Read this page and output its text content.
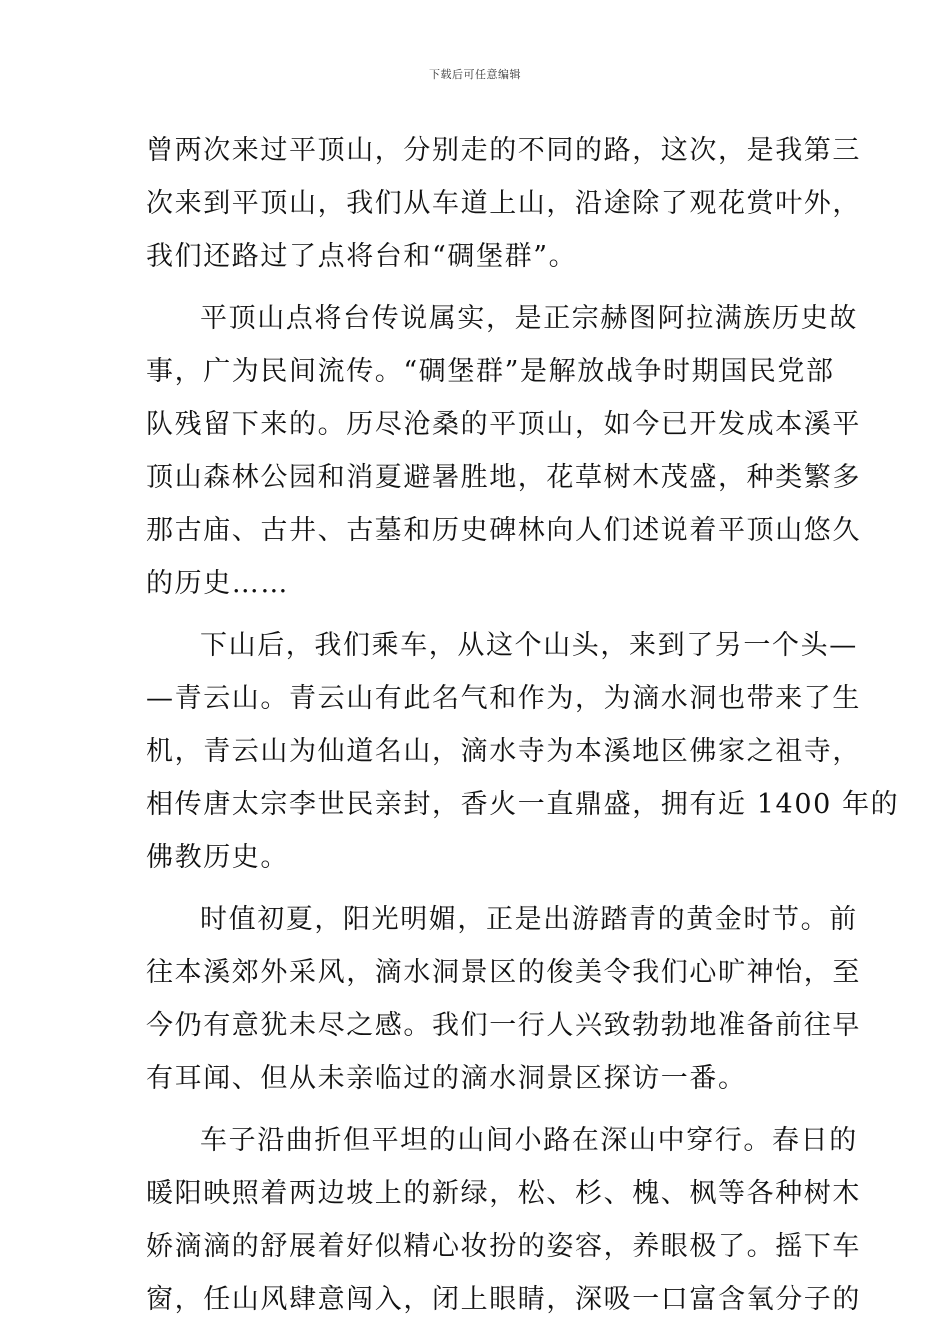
下载后可任意编辑
曾两次来过平顶山，分别走的不同的路，这次，是我第三
次来到平顶山，我们从车道上山，沿途除了观花赏叶外，
我们还路过了点将台和“碉堡群”。
平顶山点将台传说属实，是正宗赫图阿拉满族历史故
事，广为民间流传。“碉堡群”是解放战争时期国民党部
队残留下来的。历尽沧桑的平顶山，如今已开发成本溪平
顶山森林公园和消夏避暑胜地，花草树木茂盛，种类繁多
那古庙、古井、古墓和历史碑林向人们述说着平顶山悠久
的历史……
下山后，我们乘车，从这个山头，来到了另一个头—
—青云山。青云山有此名气和作为，为滴水洞也带来了生
机，青云山为仙道名山，滴水寺为本溪地区佛家之祖寺，
相传唐太宗李世民亲封，香火一直鼎盛，拥有近 1400 年的
佛教历史。
时值初夏，阳光明媚，正是出游踏青的黄金时节。前
往本溪郊外采风，滴水洞景区的俊美令我们心旷神怡，至
今仍有意犹未尽之感。我们一行人兴致勃勃地准备前往早
有耳闻、但从未亲临过的滴水洞景区探访一番。
车子沿曲折但平坦的山间小路在深山中穿行。春日的
暖阳映照着两边坡上的新绿，松、杉、槐、枫等各种树木
娇滴滴的舒展着好似精心妆扮的姿容，养眼极了。摇下车
窗，任山风肆意闯入，闭上眼睛，深吸一口富含氧分子的
